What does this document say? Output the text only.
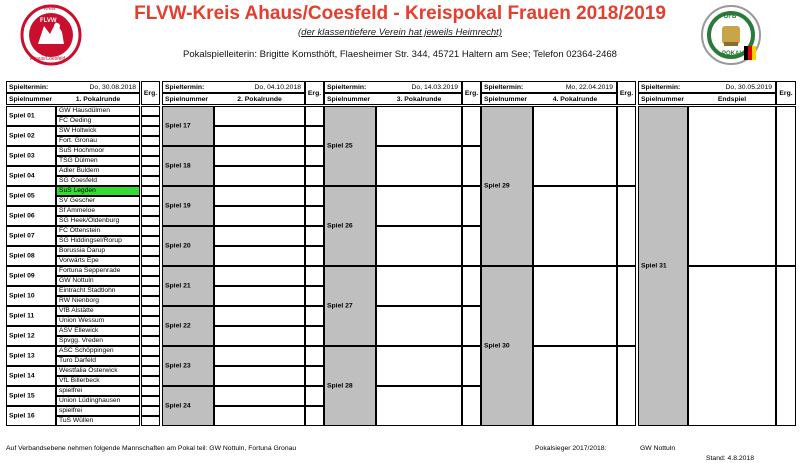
FLVW-Kreis Ahaus/Coesfeld - Kreispokal Frauen 2018/2019
(der klassentiefere Verein hat jeweils Heimrecht)
Pokalspielleiterin: Brigitte Komsthöft, Flaesheimer Str. 344, 45721 Haltern am See; Telefon 02364-2468
FLVW
Kreis
Ahaus/Coesfeld
DFB
POKAL
Spieltermin:	Do, 30.08.2018
Spielnummer	1. Pokalrunde
Erg.
Spieltermin:	Do, 04.10.2018
Spielnummer	2. Pokalrunde
Erg.
Spieltermin:	Do, 14.03.2019
Spielnummer	3. Pokalrunde
Erg.
Spieltermin:	Mo, 22.04.2019
Spielnummer	4. Pokalrunde
Erg.
Spieltermin:	Do, 30.05.2019
Spielnummer	Endspiel
Erg.
Spiel 01
GW Hausdülmen
FC Oeding
Spiel 02
SW Holtwick
Fort. Gronau
Spiel 03
SuS Hochmoor
TSG Dülmen
Spiel 04
Adler Buldern
SG Coesfeld
Spiel 05
SuS Legden
SV Gescher
Spiel 06
Sf Ammeloe
SG Heek/Oldenburg
Spiel 07
FC Ottenstein
SG Hiddingsel/Rorup
Spiel 08
Borussia Darup
Vorwärts Epe
Spiel 09
Fortuna Seppenrade
GW Nottuln
Spiel 10
Eintracht Stadtlohn
RW Nienborg
Spiel 11
VfB Alstätte
Union Wessum
Spiel 12
ASV Ellewick
Spvgg. Vreden
Spiel 13
ASC Schöppingen
Turo Darfeld
Spiel 14
Westfalia Osterwick
VfL Billerbeck
Spiel 15
spielfrei
Union Lüdinghausen
Spiel 16
spielfrei
TuS Wüllen
Spiel 17
Spiel 18
Spiel 19
Spiel 20
Spiel 21
Spiel 22
Spiel 23
Spiel 24
Spiel 25
Spiel 26
Spiel 27
Spiel 28
Spiel 29
Spiel 30
Spiel 31
Auf Verbandsebene nehmen folgende Mannschaften am Pokal teil: GW Nottuln, Fortuna Gronau	Pokalsieger 2017/2018:	GW Nottuln
Stand: 4.8.2018
